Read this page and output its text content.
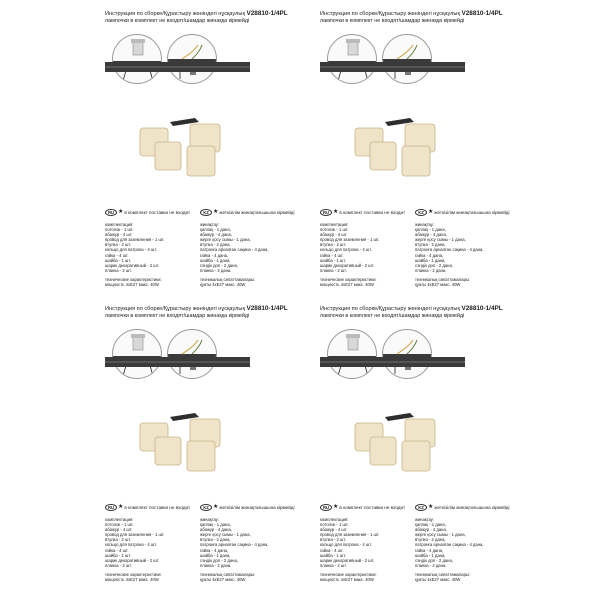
Инструкция по сборке/Құрастыру жөніндегі нұсқаулық V28810-1/4PL
лампочки в комплект не входят/шамдар жинаққа кірмейді
RU ★в комплект поставки не входит	KZ ★жеткізілім жинақтағышына кірмейді
комплектация:
потолок - 1 шт.
абажур - 4 шт.
провод для заземления - 1 шт.
втулка - 2 шт.
кольцо для патрона - 4 шт.
гайка - 4 шт.
шайба - 1 шт.
шарик декоративный - 2 шт.
планка - 2 шт.
технические характеристики:
мощность 4xE27 макс. 40W
жинақтау:
қалпақ - 1 дана,
абажур - 4 дана,
жерге қосу сымы - 1 дана,
втулка - 2 дана,
патронға арналған сақина - 4 дана,
гайка - 4 дана,
шайба - 1 дана,
сәндік доп - 2 дана,
планка - 2 дана.
техникалық сипаттамалары:
қуаты 4xE27 макс. 40W
Инструкция по сборке/Құрастыру жөніндегі нұсқаулық V28810-1/4PL
лампочки в комплект не входят/шамдар жинаққа кірмейді
RU ★в комплект поставки не входит	KZ ★жеткізілім жинақтағышына кірмейді
комплектация:
потолок - 1 шт.
абажур - 4 шт.
провод для заземления - 1 шт.
втулка - 2 шт.
кольцо для патрона - 4 шт.
гайка - 4 шт.
шайба - 1 шт.
шарик декоративный - 2 шт.
планка - 2 шт.
технические характеристики:
мощность 4xE27 макс. 40W
жинақтау:
қалпақ - 1 дана,
абажур - 4 дана,
жерге қосу сымы - 1 дана,
втулка - 2 дана,
патронға арналған сақина - 4 дана,
гайка - 4 дана,
шайба - 1 дана,
сәндік доп - 2 дана,
планка - 2 дана.
техникалық сипаттамалары:
қуаты 4xE27 макс. 40W
Инструкция по сборке/Құрастыру жөніндегі нұсқаулық V28810-1/4PL
лампочки в комплект не входят/шамдар жинаққа кірмейді
RU ★в комплект поставки не входит	KZ ★жеткізілім жинақтағышына кірмейді
комплектация:
потолок - 1 шт.
абажур - 4 шт.
провод для заземления - 1 шт.
втулка - 2 шт.
кольцо для патрона - 4 шт.
гайка - 4 шт.
шайба - 1 шт.
шарик декоративный - 2 шт.
планка - 2 шт.
технические характеристики:
мощность 4xE27 макс. 40W
жинақтау:
қалпақ - 1 дана,
абажур - 4 дана,
жерге қосу сымы - 1 дана,
втулка - 2 дана,
патронға арналған сақина - 4 дана,
гайка - 4 дана,
шайба - 1 дана,
сәндік доп - 2 дана,
планка - 2 дана.
техникалық сипаттамалары:
қуаты 4xE27 макс. 40W
Инструкция по сборке/Құрастыру жөніндегі нұсқаулық V28810-1/4PL
лампочки в комплект не входят/шамдар жинаққа кірмейді
RU ★в комплект поставки не входит	KZ ★жеткізілім жинақтағышына кірмейді
комплектация:
потолок - 1 шт.
абажур - 4 шт.
провод для заземления - 1 шт.
втулка - 2 шт.
кольцо для патрона - 4 шт.
гайка - 4 шт.
шайба - 1 шт.
шарик декоративный - 2 шт.
планка - 2 шт.
технические характеристики:
мощность 4xE27 макс. 40W
жинақтау:
қалпақ - 1 дана,
абажур - 4 дана,
жерге қосу сымы - 1 дана,
втулка - 2 дана,
патронға арналған сақина - 4 дана,
гайка - 4 дана,
шайба - 1 дана,
сәндік доп - 2 дана,
планка - 2 дана.
техникалық сипаттамалары:
қуаты 4xE27 макс. 40W
